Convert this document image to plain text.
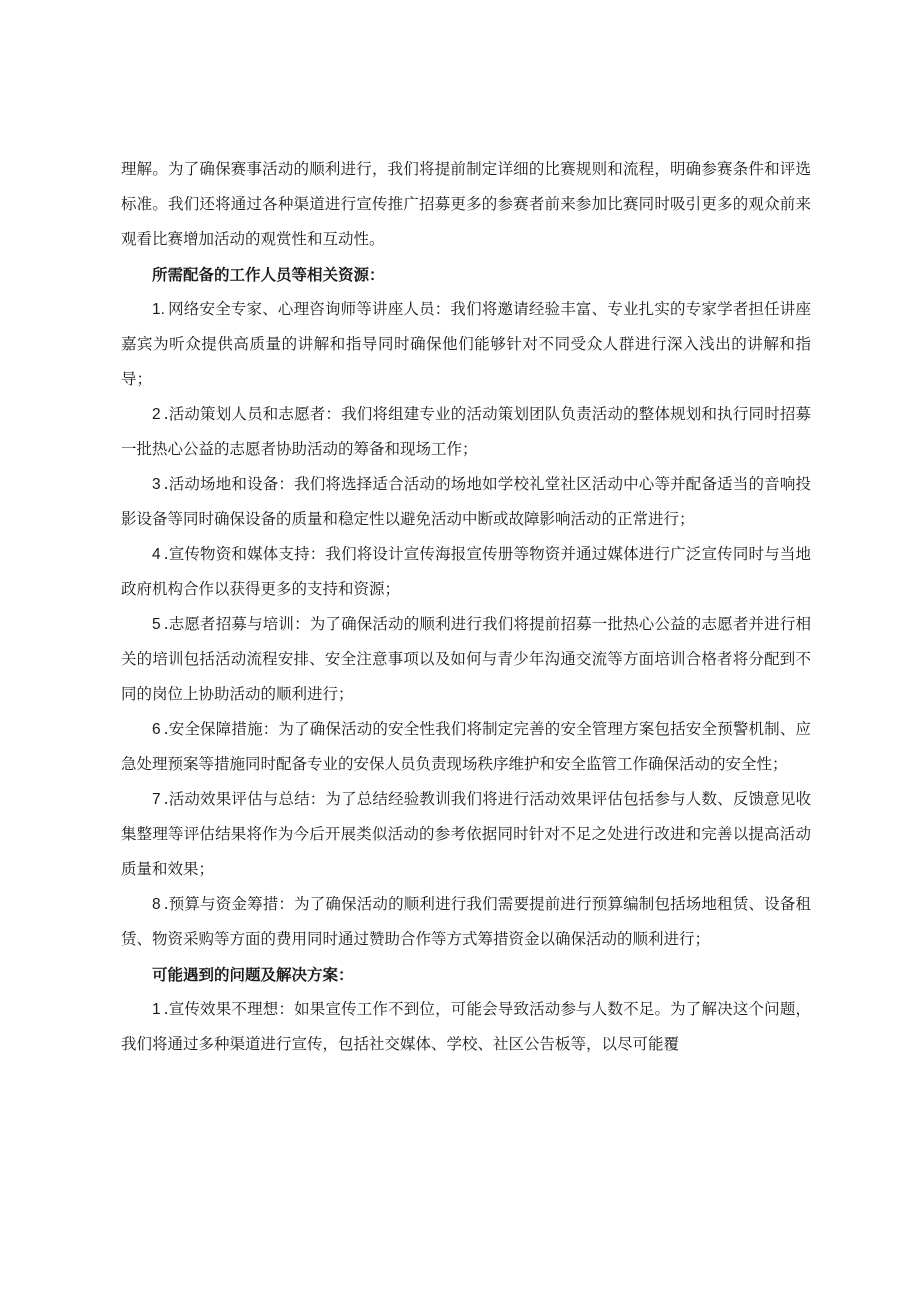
理解。为了确保赛事活动的顺利进行，我们将提前制定详细的比赛规则和流程，明确参赛条件和评选标准。我们还将通过各种渠道进行宣传推广招募更多的参赛者前来参加比赛同时吸引更多的观众前来观看比赛增加活动的观赏性和互动性。

所需配备的工作人员等相关资源：

1. 网络安全专家、心理咨询师等讲座人员：我们将邀请经验丰富、专业扎实的专家学者担任讲座嘉宾为听众提供高质量的讲解和指导同时确保他们能够针对不同受众人群进行深入浅出的讲解和指导；

2 .活动策划人员和志愿者：我们将组建专业的活动策划团队负责活动的整体规划和执行同时招募一批热心公益的志愿者协助活动的筹备和现场工作；

3 .活动场地和设备：我们将选择适合活动的场地如学校礼堂社区活动中心等并配备适当的音响投影设备等同时确保设备的质量和稳定性以避免活动中断或故障影响活动的正常进行；

4 .宣传物资和媒体支持：我们将设计宣传海报宣传册等物资并通过媒体进行广泛宣传同时与当地政府机构合作以获得更多的支持和资源；

5 .志愿者招募与培训：为了确保活动的顺利进行我们将提前招募一批热心公益的志愿者并进行相关的培训包括活动流程安排、安全注意事项以及如何与青少年沟通交流等方面培训合格者将分配到不同的岗位上协助活动的顺利进行；

6 .安全保障措施：为了确保活动的安全性我们将制定完善的安全管理方案包括安全预警机制、应急处理预案等措施同时配备专业的安保人员负责现场秩序维护和安全监管工作确保活动的安全性；

7 .活动效果评估与总结：为了总结经验教训我们将进行活动效果评估包括参与人数、反馈意见收集整理等评估结果将作为今后开展类似活动的参考依据同时针对不足之处进行改进和完善以提高活动质量和效果；

8 .预算与资金筹措：为了确保活动的顺利进行我们需要提前进行预算编制包括场地租赁、设备租赁、物资采购等方面的费用同时通过赞助合作等方式筹措资金以确保活动的顺利进行；

可能遇到的问题及解决方案：

1 .宣传效果不理想：如果宣传工作不到位，可能会导致活动参与人数不足。为了解决这个问题，我们将通过多种渠道进行宣传，包括社交媒体、学校、社区公告板等，以尽可能覆
